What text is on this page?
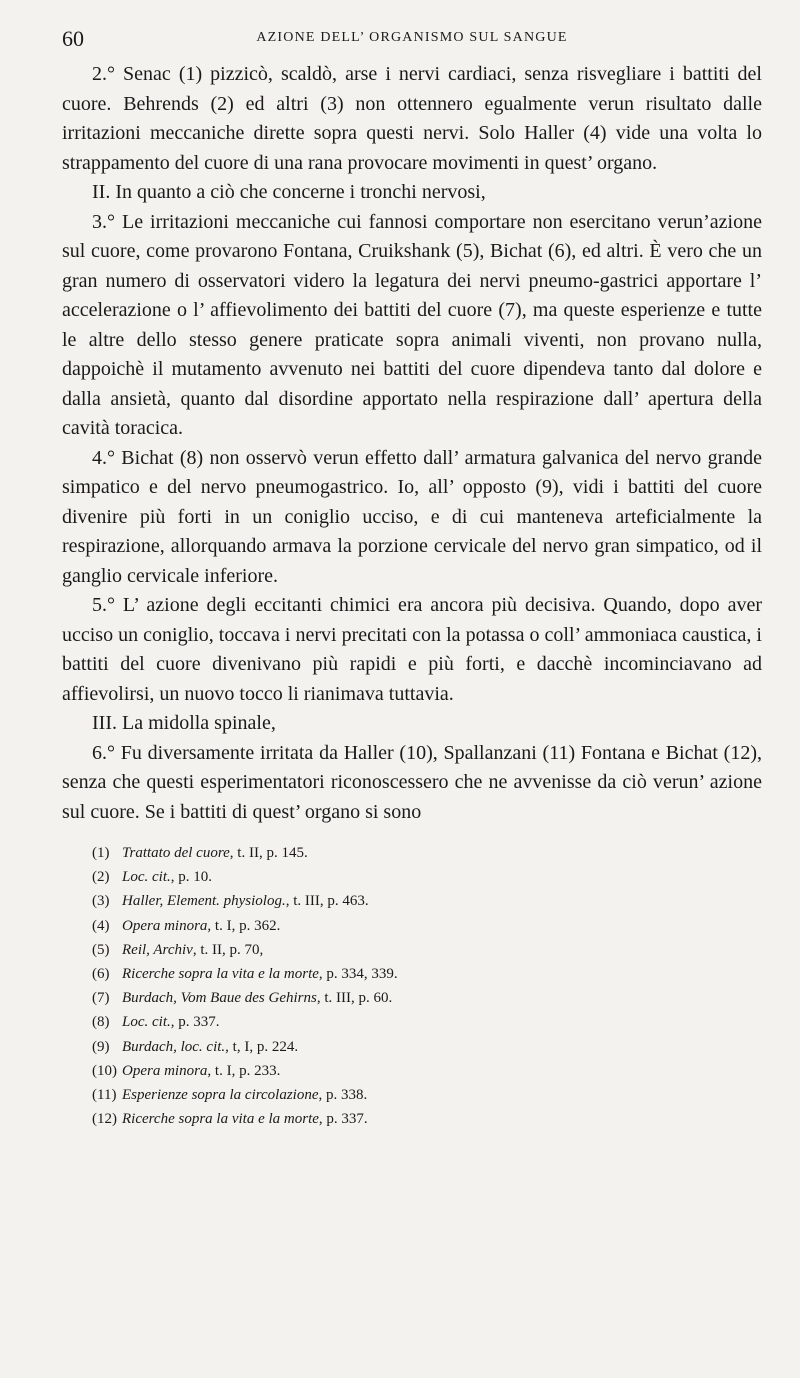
60	AZIONE DELL’ ORGANISMO SUL SANGUE

2.° Senac (1) pizzicò, scaldò, arse i nervi cardiaci, senza risvegliare i battiti del cuore. Behrends (2) ed altri (3) non ottennero egualmente verun risultato dalle irritazioni meccaniche dirette sopra questi nervi. Solo Haller (4) vide una volta lo strappamento del cuore di una rana provocare movimenti in quest’ organo.

II. In quanto a ciò che concerne i tronchi nervosi,

3.° Le irritazioni meccaniche cui fannosi comportare non esercitano verun’azione sul cuore, come provarono Fontana, Cruikshank (5), Bichat (6), ed altri. È vero che un gran numero di osservatori videro la legatura dei nervi pneumo-gastrici apportare l’ accelerazione o l’ affievolimento dei battiti del cuore (7), ma queste esperienze e tutte le altre dello stesso genere praticate sopra animali viventi, non provano nulla, dappoichè il mutamento avvenuto nei battiti del cuore dipendeva tanto dal dolore e dalla ansietà, quanto dal disordine apportato nella respirazione dall’ apertura della cavità toracica.

4.° Bichat (8) non osservò verun effetto dall’ armatura galvanica del nervo grande simpatico e del nervo pneumogastrico. Io, all’ opposto (9), vidi i battiti del cuore divenire più forti in un coniglio ucciso, e di cui manteneva arteficialmente la respirazione, allorquando armava la porzione cervicale del nervo gran simpatico, od il ganglio cervicale inferiore.

5.° L’ azione degli eccitanti chimici era ancora più decisiva. Quando, dopo aver ucciso un coniglio, toccava i nervi precitati con la potassa o coll’ ammoniaca caustica, i battiti del cuore divenivano più rapidi e più forti, e dacchè incominciavano ad affievolirsi, un nuovo tocco li rianimava tuttavia.

III. La midolla spinale,

6.° Fu diversamente irritata da Haller (10), Spallanzani (11) Fontana e Bichat (12), senza che questi esperimentatori riconoscessero che ne avvenisse da ciò verun’ azione sul cuore. Se i battiti di quest’ organo si sono

(1) Trattato del cuore, t. II, p. 145.
(2) Loc. cit., p. 10.
(3) Haller, Element. physiolog., t. III, p. 463.
(4) Opera minora, t. I, p. 362.
(5) Reil, Archiv, t. II, p. 70,
(6) Ricerche sopra la vita e la morte, p. 334, 339.
(7) Burdach, Vom Baue des Gehirns, t. III, p. 60.
(8) Loc. cit., p. 337.
(9) Burdach, loc. cit., t, I, p. 224.
(10) Opera minora, t. I, p. 233.
(11) Esperienze sopra la circolazione, p. 338.
(12) Ricerche sopra la vita e la morte, p. 337.
